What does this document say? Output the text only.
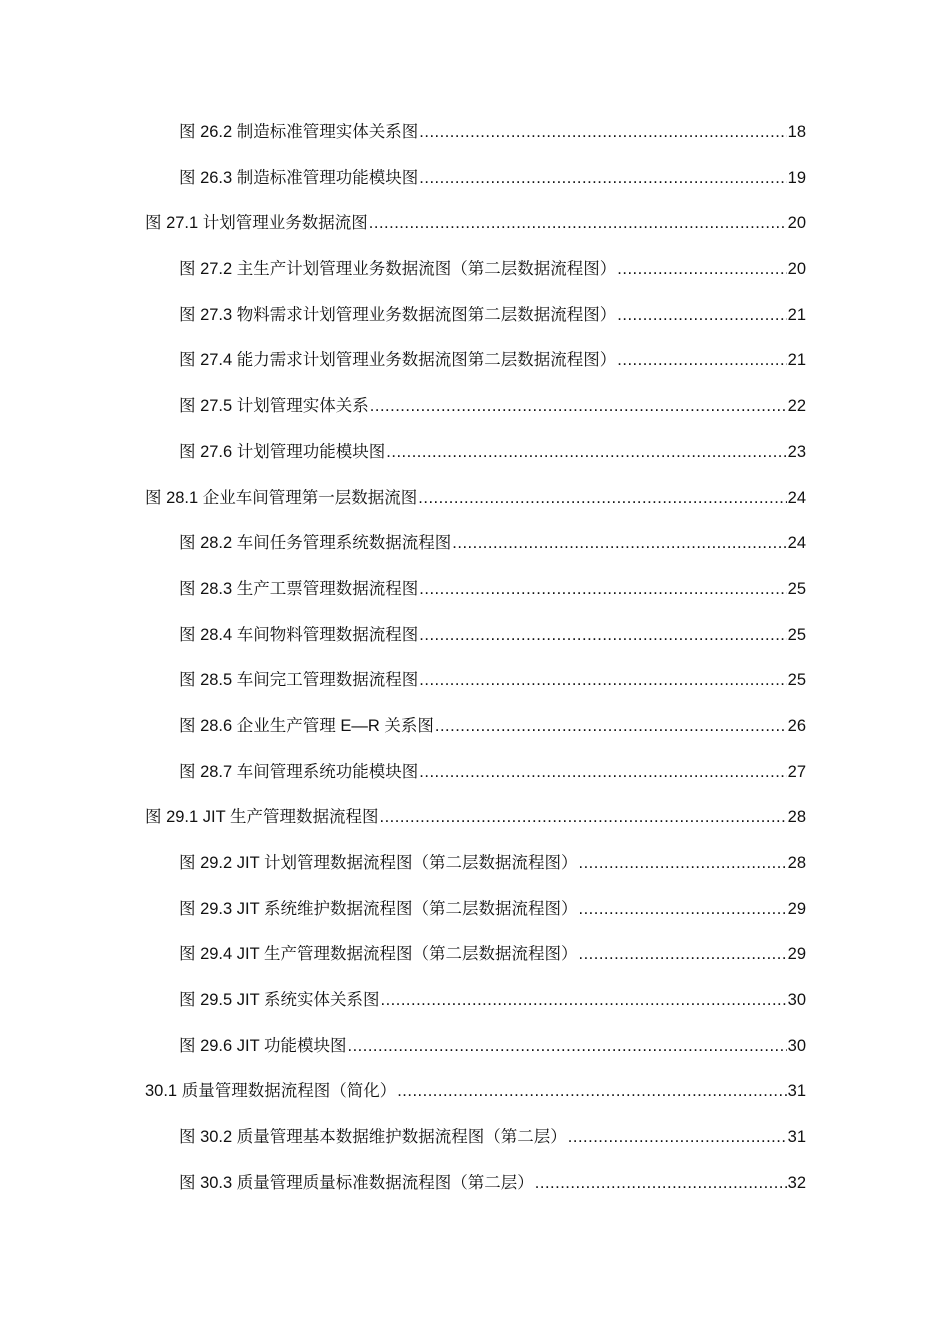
图 26.2 制造标准管理实体关系图 .....	18
图 26.3 制造标准管理功能模块图 .....	19
图 27.1 计划管理业务数据流图 .....	20
图 27.2 主生产计划管理业务数据流图（第二层数据流程图） .....	20
图 27.3 物料需求计划管理业务数据流图第二层数据流程图） .....	21
图 27.4 能力需求计划管理业务数据流图第二层数据流程图） .....	21
图 27.5 计划管理实体关系 .....	22
图 27.6 计划管理功能模块图 .....	23
图 28.1 企业车间管理第一层数据流图 .....	24
图 28.2 车间任务管理系统数据流程图 .....	24
图 28.3 生产工票管理数据流程图 .....	25
图 28.4 车间物料管理数据流程图 .....	25
图 28.5 车间完工管理数据流程图 .....	25
图 28.6 企业生产管理 E—R 关系图 .....	26
图 28.7 车间管理系统功能模块图 .....	27
图 29.1 JIT 生产管理数据流程图 .....	28
图 29.2 JIT 计划管理数据流程图（第二层数据流程图） .....	28
图 29.3 JIT 系统维护数据流程图（第二层数据流程图） .....	29
图 29.4 JIT 生产管理数据流程图（第二层数据流程图） .....	29
图 29.5 JIT 系统实体关系图 .....	30
图 29.6 JIT 功能模块图 .....	30
30.1 质量管理数据流程图（简化） .....	31
图 30.2 质量管理基本数据维护数据流程图（第二层） .....	31
图 30.3 质量管理质量标准数据流程图（第二层） .....	32
